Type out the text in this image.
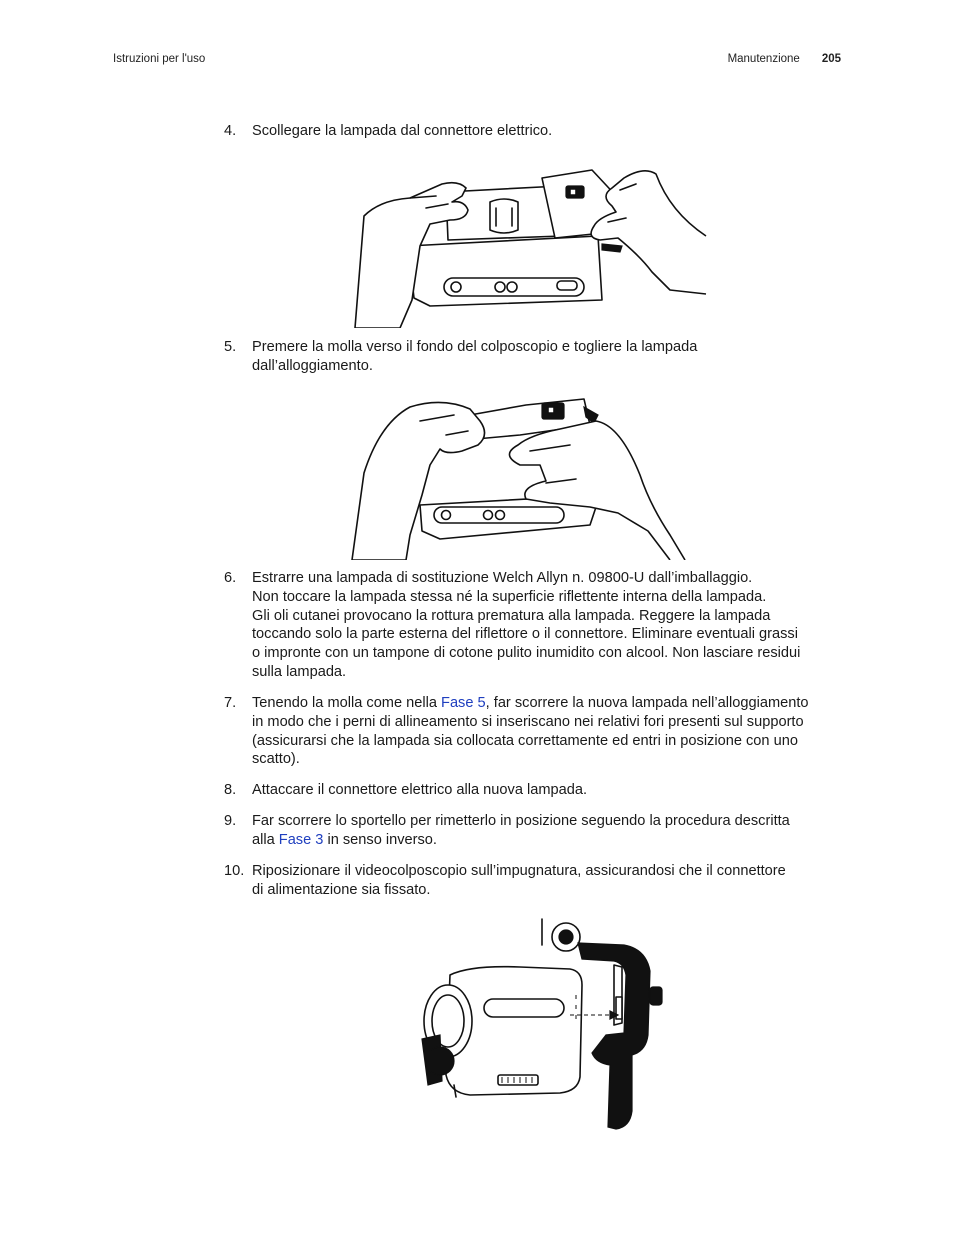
Istruzioni per l'uso	Manutenzione 205
4.	Scollegare la lampada dal connettore elettrico.
5.	Premere la molla verso il fondo del colposcopio e togliere la lampada
dall’alloggiamento.
6.	Estrarre una lampada di sostituzione Welch Allyn n. 09800-U dall’imballaggio.
Non toccare la lampada stessa né la superficie riflettente interna della lampada.
Gli oli cutanei provocano la rottura prematura alla lampada. Reggere la lampada
toccando solo la parte esterna del riflettore o il connettore. Eliminare eventuali grassi
o impronte con un tampone di cotone pulito inumidito con alcool. Non lasciare residui
sulla lampada.
7.	Tenendo la molla come nella Fase 5, far scorrere la nuova lampada nell’alloggiamento
in modo che i perni di allineamento si inseriscano nei relativi fori presenti sul supporto
(assicurarsi che la lampada sia collocata correttamente ed entri in posizione con uno
scatto).
8.	Attaccare il connettore elettrico alla nuova lampada.
9.	Far scorrere lo sportello per rimetterlo in posizione seguendo la procedura descritta
alla Fase 3 in senso inverso.
10. Riposizionare il videocolposcopio sull’impugnatura, assicurandosi che il connettore
di alimentazione sia fissato.
